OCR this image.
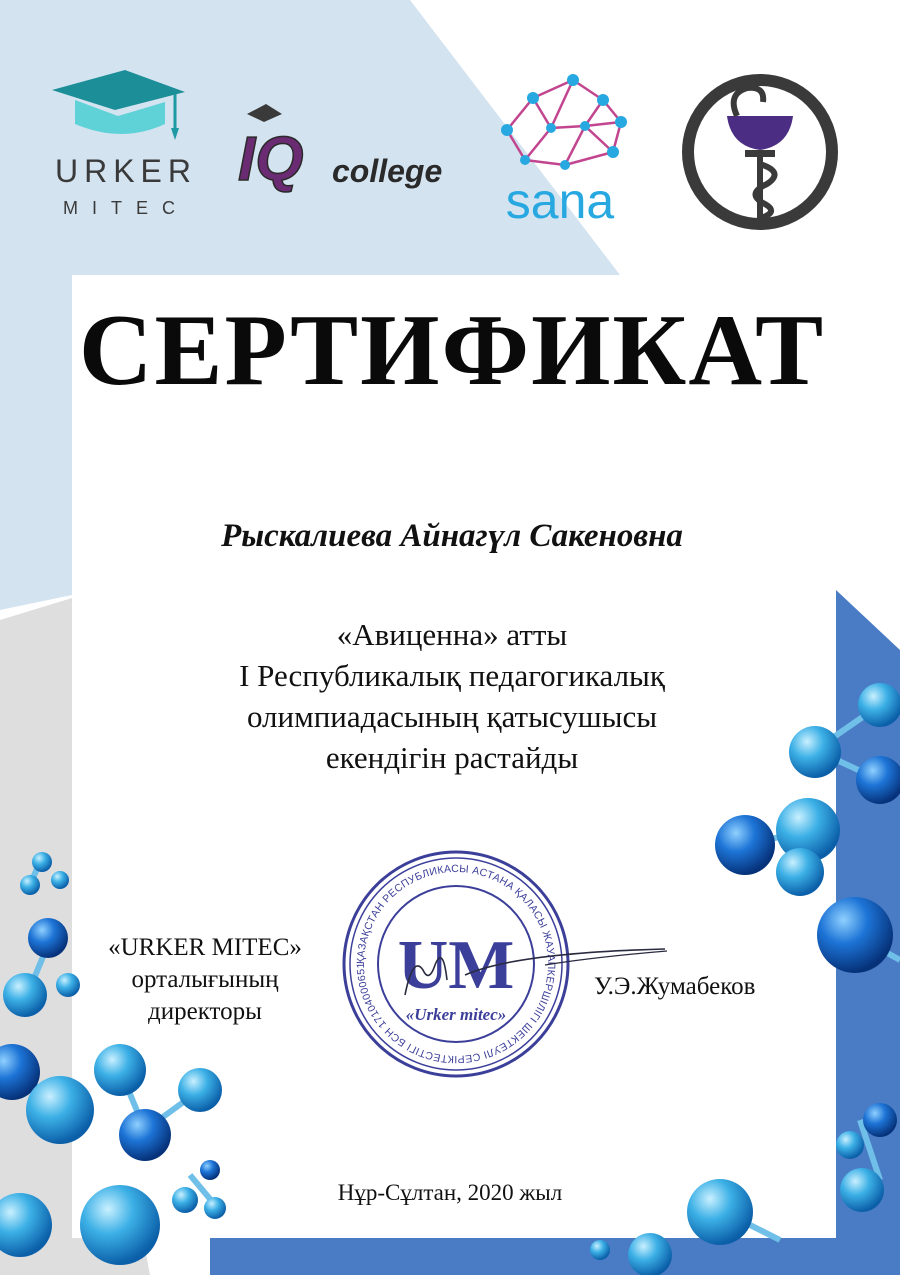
URKER
MITEC
IQ college
sana
СЕРТИФИКАТ
Рыскалиева Айнагүл Сакеновна
«Авиценна» атты
I Республикалық педагогикалық
олимпиадасының қатысушысы
екендігін растайды
«URKER MITEC»
орталығының
директоры
ҚАЗАҚСТАН РЕСПУБЛИКАСЫ АСТАНА ҚАЛАСЫ ЖАУАПКЕРШІЛІГІ ШЕКТЕУЛІ СЕРІКТЕСТІГІ БСН 17104000651 UM
«Urker mitec»
У.Э.Жумабеков
Нұр-Сұлтан, 2020 жыл
